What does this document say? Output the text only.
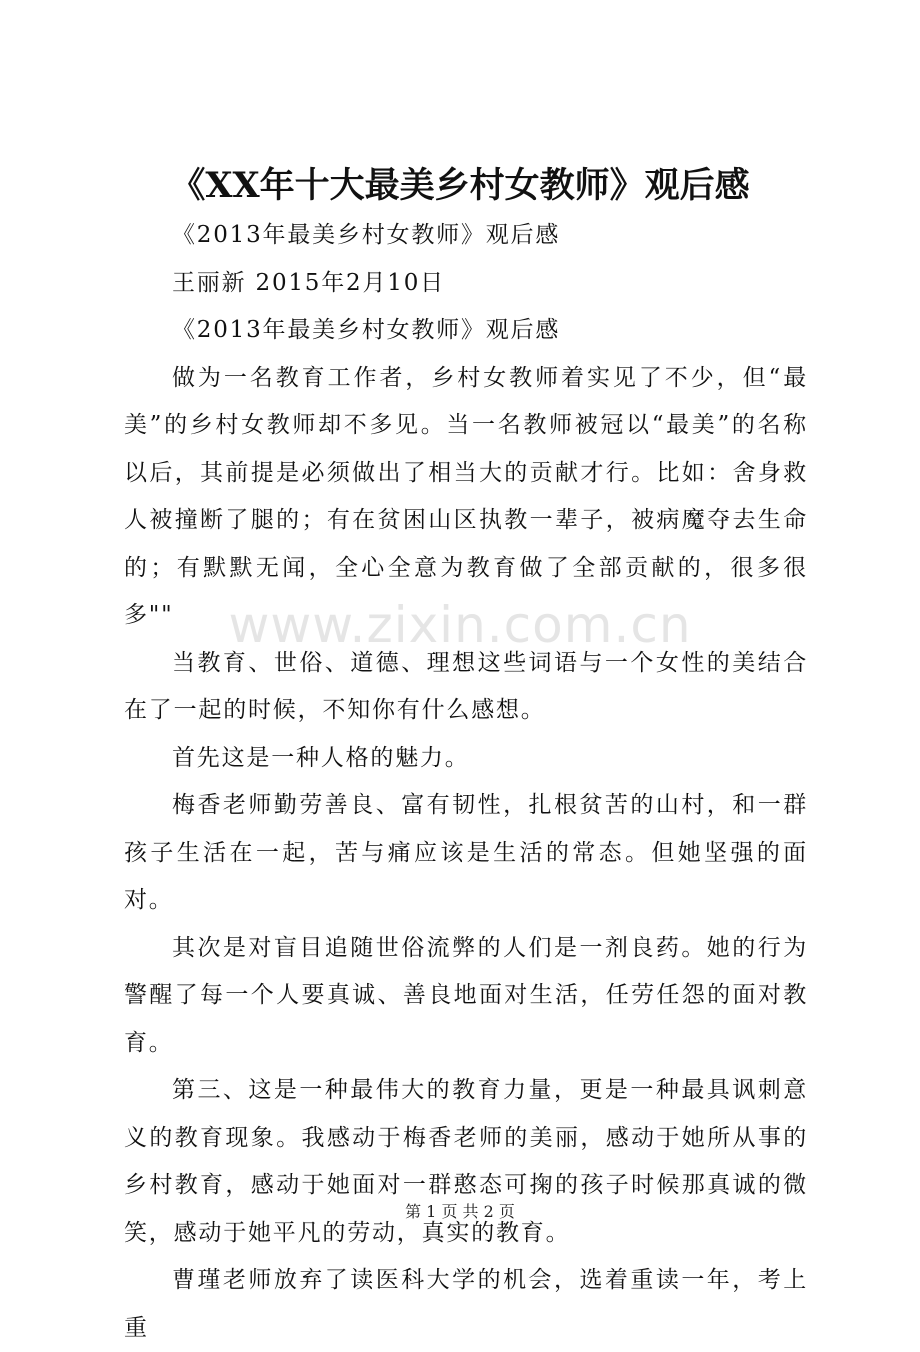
《XX年十大最美乡村女教师》观后感

《2013年最美乡村女教师》观后感

王丽新 2015年2月10日

《2013年最美乡村女教师》观后感

做为一名教育工作者，乡村女教师着实见了不少，但“最美”的乡村女教师却不多见。当一名教师被冠以“最美”的名称以后，其前提是必须做出了相当大的贡献才行。比如：舍身救人被撞断了腿的；有在贫困山区执教一辈子，被病魔夺去生命的；有默默无闻，全心全意为教育做了全部贡献的，很多很多""

当教育、世俗、道德、理想这些词语与一个女性的美结合在了一起的时候，不知你有什么感想。

首先这是一种人格的魅力。

梅香老师勤劳善良、富有韧性，扎根贫苦的山村，和一群孩子生活在一起，苦与痛应该是生活的常态。但她坚强的面对。

其次是对盲目追随世俗流弊的人们是一剂良药。她的行为警醒了每一个人要真诚、善良地面对生活，任劳任怨的面对教育。

第三、这是一种最伟大的教育力量，更是一种最具讽刺意义的教育现象。我感动于梅香老师的美丽，感动于她所从事的乡村教育，感动于她面对一群憨态可掬的孩子时候那真诚的微笑，感动于她平凡的劳动，真实的教育。

曹瑾老师放弃了读医科大学的机会，选着重读一年，考上重

www.zixin.com.cn
第 1 页 共 2 页
